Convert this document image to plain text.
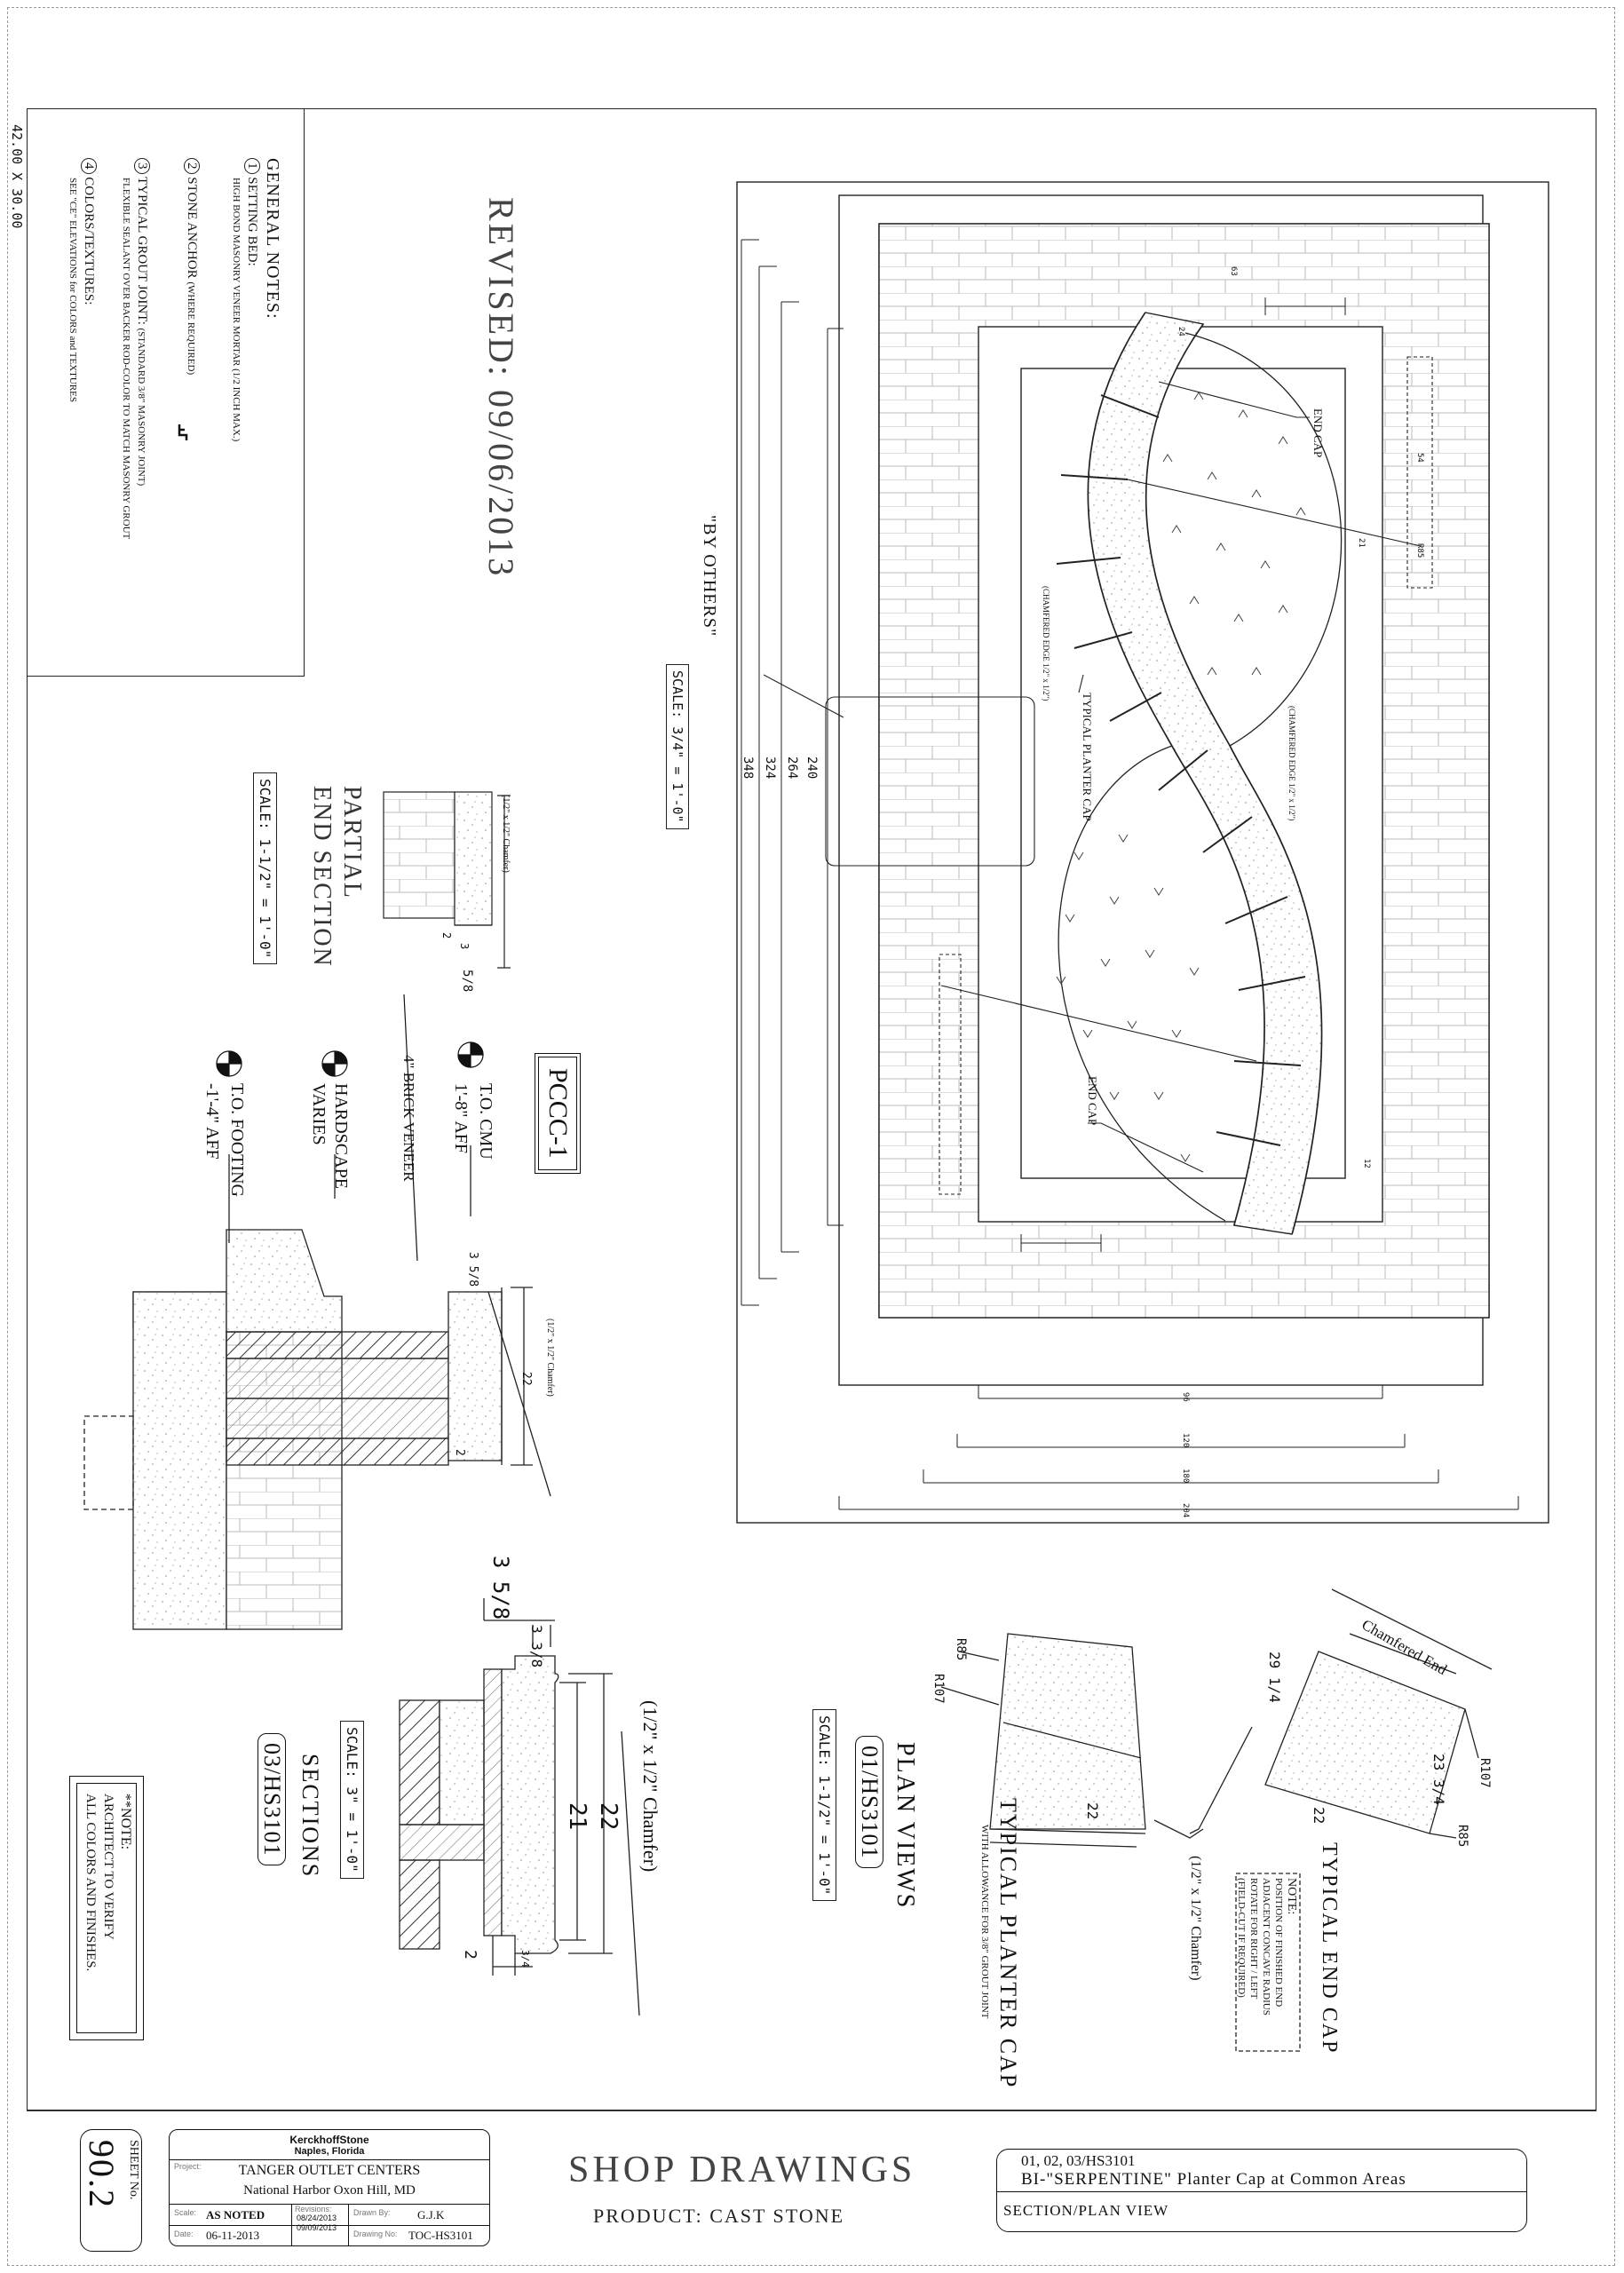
42.00 X 30.00	GENERAL NOTES:
1 SETTING BED:
HIGH BOND MASONRY VENEER MORTAR (1/2 INCH MAX.)
2 STONE ANCHOR (WHERE REQUIRED)
3 TYPICAL GROUT JOINT: (STANDARD 3/8" MASONRY JOINT)
FLEXIBLE SEALANT OVER BACKER ROD-COLOR TO MATCH MASONRY GROUT
4 COLORS/TEXTURES:
SEE "CE" ELEVATIONS for COLORS and TEXTURES	REVISED: 09/06/2013	"BY OTHERS"
SCALE: 3/4" = 1'-0"	240
264
324
348
96
120
180
204
12
63
24
54
R85
21
END CAP
END CAP
TYPICAL PLANTER CAP
(CHAMFERED EDGE 1/2" x 1/2")
(CHAMFERED EDGE 1/2" x 1/2")
PARTIAL
END SECTION
SCALE: 1-1/2" = 1'-0"	(1/2" x 1/2" Chamfer)
2
3
5/8
PCCC-1
T.O. CMU
1'-8" AFF
4" BRICK VENEER
HARDSCAPE
VARIES
T.O. FOOTING
-1'-4" AFF
(1/2" x 1/2" Chamfer)
3 5/8
22
2
(1/2" x 1/2" Chamfer)
3 5/8
3 3/8
22
21
2	3/4
SCALE: 3" = 1'-0"
SECTIONS
03/HS3101	PLAN VIEWS
01/HS3101
SCALE: 1-1/2" = 1'-0"	TYPICAL PLANTER CAP
WITH ALLOWANCE FOR 3/8" GROUT JOINT	(1/2" x 1/2" Chamfer)	TYPICAL END CAP
Chamfered End
R85
R107
22
29 1/4
23 3/4
22
R107
R85
NOTE:
POSITION OF FINISHED END
ADJACENT CONCAVE RADIUS
ROTATE FOR RIGHT / LEFT
(FIELD-CUT IF REQUIRED)
**NOTE:
ARCHITECT TO VERIFY
ALL COLORS AND FINISHES.
SHEET No.
90.2	KerckhoffStone
Naples, Florida
Project:	TANGER OUTLET CENTERS
National Harbor Oxon Hill, MD
Scale: AS NOTED
Date: 06-11-2013
Revisions:
08/24/2013
09/09/2013
Drawn By: G.J.K
Drawing No: TOC-HS3101
SHOP DRAWINGS
PRODUCT: CAST STONE
01, 02, 03/HS3101
BI-"SERPENTINE" Planter Cap at Common Areas
SECTION/PLAN VIEW
